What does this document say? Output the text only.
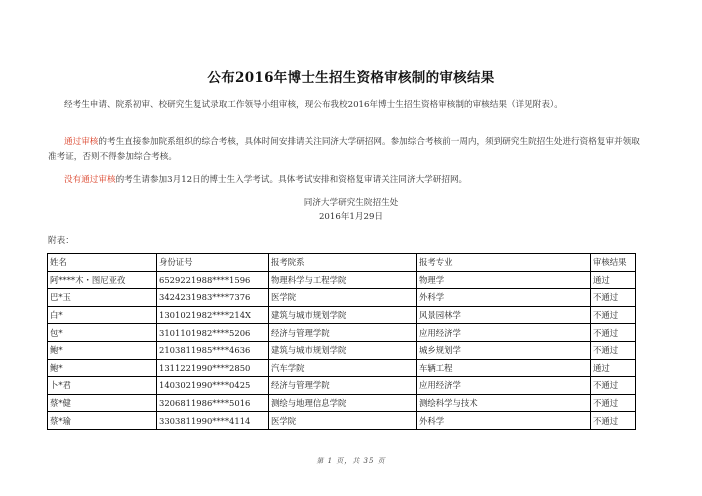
公布2016年博士生招生资格审核制的审核结果
经考生申请、院系初审、校研究生复试录取工作领导小组审核，现公布我校2016年博士生招生资格审核制的审核结果（详见附表）。
通过审核的考生直接参加院系组织的综合考核，具体时间安排请关注同济大学研招网。参加综合考核前一周内，须到研究生院招生处进行资格复审并领取准考证，否则不得参加综合考核。
没有通过审核的考生请参加3月12日的博士生入学考试。具体考试安排和资格复审请关注同济大学研招网。
同济大学研究生院招生处
2016年1月29日
附表：
姓名	身份证号	报考院系	报考专业	审核结果
阿****木・图尼亚孜	6529221988****1596	物理科学与工程学院	物理学	通过
巴*玉	3424231983****7376	医学院	外科学	不通过
白*	1301021982****214X	建筑与城市规划学院	风景园林学	不通过
包*	3101101982****5206	经济与管理学院	应用经济学	不通过
鲍*	2103811985****4636	建筑与城市规划学院	城乡规划学	不通过
鲍*	1311221990****2850	汽车学院	车辆工程	通过
卜*君	1403021990****0425	经济与管理学院	应用经济学	不通过
蔡*健	3206811986****5016	测绘与地理信息学院	测绘科学与技术	不通过
蔡*瑜	3303811990****4114	医学院	外科学	不通过
第 1 页，共 35 页
